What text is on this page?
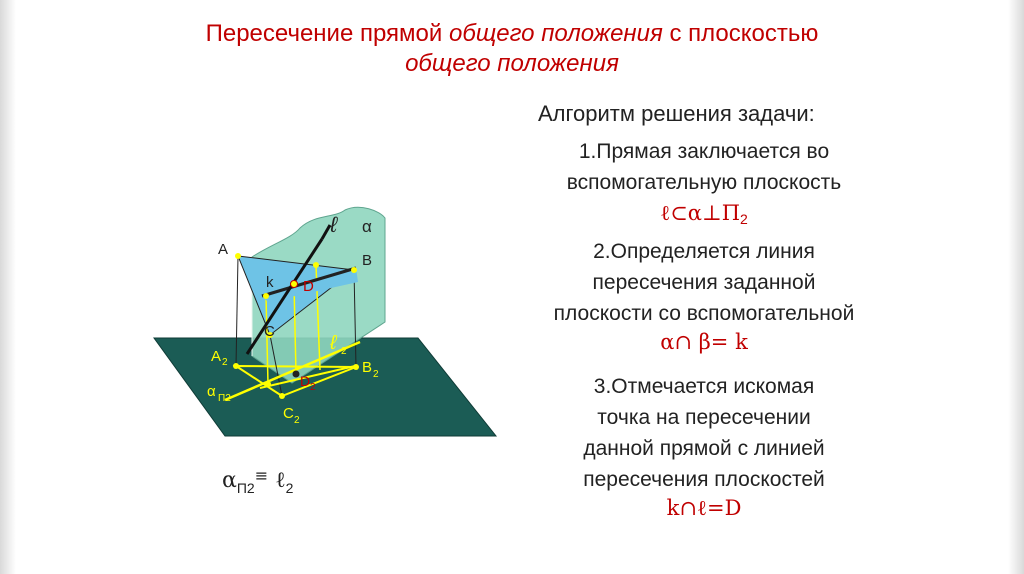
Пересечение прямой общего положения с плоскостью
общего положения
Алгоритм решения задачи:
1.Прямая заключается во
вспомогательную плоскость
$\ell\subset\alpha\perp П_2$
2.Определяется линия
пересечения заданной
плоскости со вспомогательной
α∩ β= k
3.Отмечается искомая
точка на пересечении
данной прямой с линией
пересечения плоскостей
k∩ℓ=D
$\alpha_{П2}^\equiv$ ℓ$_2$
A
B
C
D
k
ℓ α
A 2	B 2
C 2
D 2
ℓ 2
α П2
